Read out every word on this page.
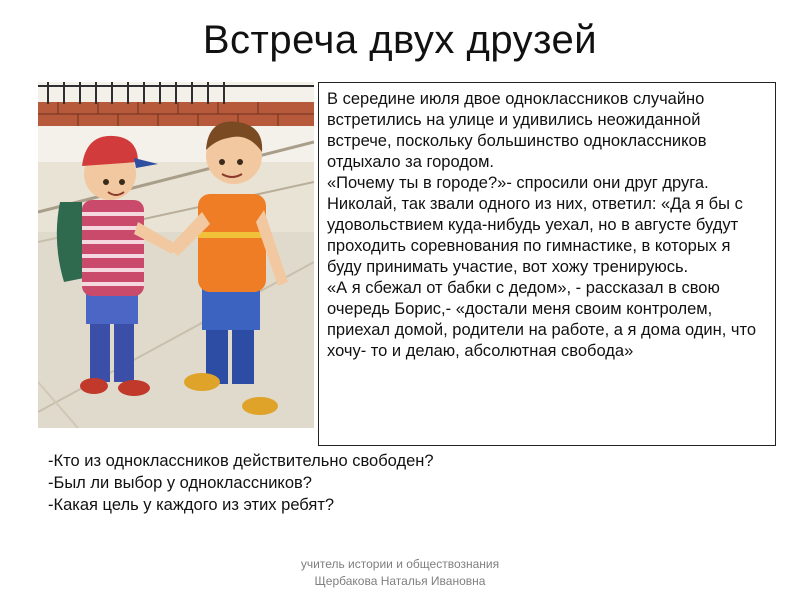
Встреча двух друзей

В середине июля двое одноклассников случайно встретились на улице и удивились неожиданной встрече, поскольку большинство одноклассников отдыхало за городом.

«Почему ты в городе?»- спросили они друг друга.

Николай, так звали одного из них, ответил: «Да я бы с удовольствием куда-нибудь уехал, но в августе будут проходить соревнования по гимнастике, в которых я буду принимать участие, вот хожу тренируюсь.

«А я сбежал от бабки с дедом», - рассказал в свою очередь Борис,- «достали меня своим контролем, приехал домой, родители на работе, а я дома один, что хочу- то и делаю, абсолютная свобода»

-Кто из одноклассников действительно свободен?
-Был ли выбор у одноклассников?
-Какая цель у каждого из этих ребят?
учитель истории и обществознания
Щербакова Наталья Ивановна
